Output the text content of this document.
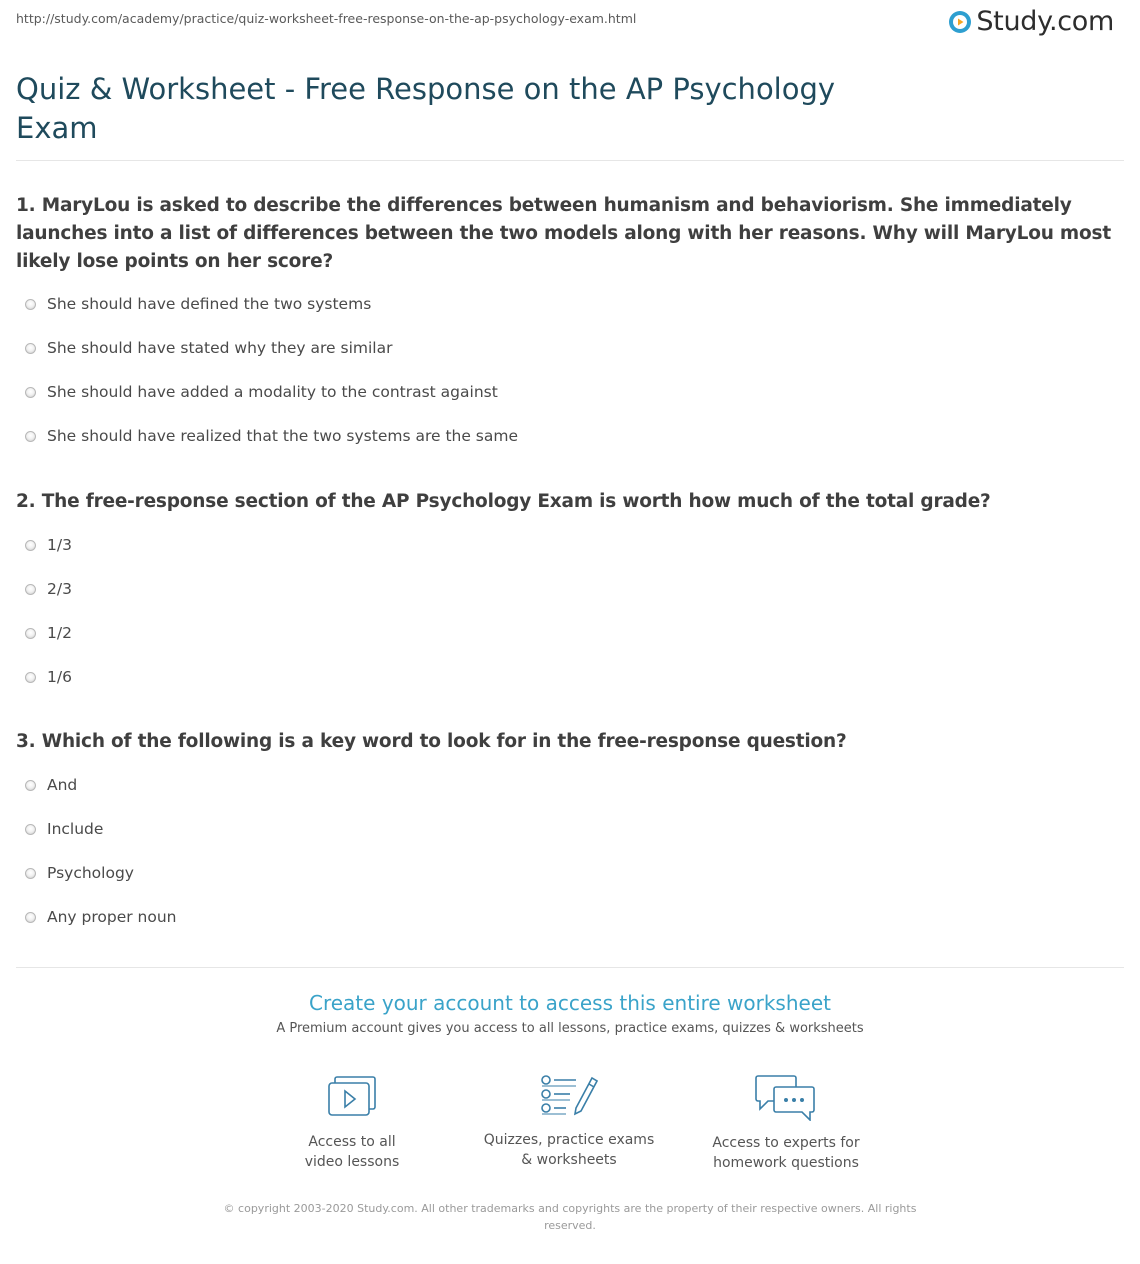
http://study.com/academy/practice/quiz-worksheet-free-response-on-the-ap-psychology-exam.html	Study.com
Quiz & Worksheet - Free Response on the AP Psychology Exam

1. MaryLou is asked to describe the differences between humanism and behaviorism. She immediately launches into a list of differences between the two models along with her reasons. Why will MaryLou most likely lose points on her score?

She should have defined the two systems
She should have stated why they are similar
She should have added a modality to the contrast against
She should have realized that the two systems are the same

2. The free-response section of the AP Psychology Exam is worth how much of the total grade?

1/3
2/3
1/2
1/6

3. Which of the following is a key word to look for in the free-response question?

And
Include
Psychology
Any proper noun

Create your account to access this entire worksheet

A Premium account gives you access to all lessons, practice exams, quizzes & worksheets
Access to all
video lessons
Quizzes, practice exams
& worksheets
Access to experts for
homework questions
© copyright 2003-2020 Study.com. All other trademarks and copyrights are the property of their respective owners. All rights reserved.
